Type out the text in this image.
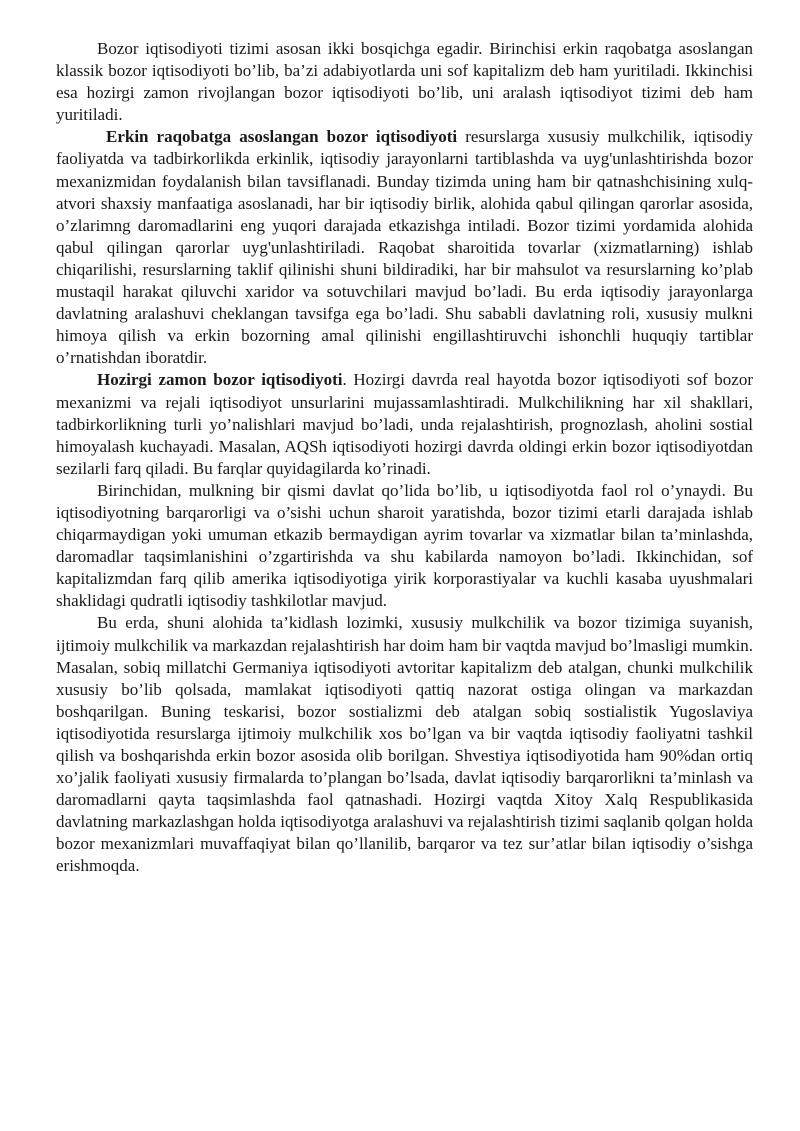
Bozor iqtisodiyoti tizimi asosan ikki bosqichga egadir. Birinchisi erkin raqobatga asoslangan klassik bozor iqtisodiyoti bo’lib, ba’zi adabiyotlarda uni sof kapitalizm deb ham yuritiladi. Ikkinchisi esa hozirgi zamon rivojlangan bozor iqtisodiyoti bo’lib, uni aralash iqtisodiyot tizimi deb ham yuritiladi.

Erkin raqobatga asoslangan bozor iqtisodiyoti resurslarga xususiy mulkchilik, iqtisodiy faoliyatda va tadbirkorlikda erkinlik, iqtisodiy jarayonlarni tartiblashda va uyg'unlashtirishda bozor mexanizmidan foydalanish bilan tavsiflanadi. Bunday tizimda uning ham bir qatnashchisining xulq-atvori shaxsiy manfaatiga asoslanadi, har bir iqtisodiy birlik, alohida qabul qilingan qarorlar asosida, o’zlarimng daromadlarini eng yuqori darajada etkazishga intiladi. Bozor tizimi yordamida alohida qabul qilingan qarorlar uyg'unlashtiriladi. Raqobat sharoitida tovarlar (xizmatlarning) ishlab chiqarilishi, resurslarning taklif qilinishi shuni bildiradiki, har bir mahsulot va resurslarning ko’plab mustaqil harakat qiluvchi xaridor va sotuvchilari mavjud bo’ladi. Bu erda iqtisodiy jarayonlarga davlatning aralashuvi cheklangan tavsifga ega bo’ladi. Shu sababli davlatning roli, xususiy mulkni himoya qilish va erkin bozorning amal qilinishi engillashtiruvchi ishonchli huquqiy tartiblar o’rnatishdan iboratdir.

Hozirgi zamon bozor iqtisodiyoti. Hozirgi davrda real hayotda bozor iqtisodiyoti sof bozor mexanizmi va rejali iqtisodiyot unsurlarini mujassamlashtiradi. Mulkchilikning har xil shakllari, tadbirkorlikning turli yo’nalishlari mavjud bo’ladi, unda rejalashtirish, prognozlash, aholini sostial himoyalash kuchayadi. Masalan, AQSh iqtisodiyoti hozirgi davrda oldingi erkin bozor iqtisodiyotdan sezilarli farq qiladi. Bu farqlar quyidagilarda ko’rinadi.

Birinchidan, mulkning bir qismi davlat qo’lida bo’lib, u iqtisodiyotda faol rol o’ynaydi. Bu iqtisodiyotning barqarorligi va o’sishi uchun sharoit yaratishda, bozor tizimi etarli darajada ishlab chiqarmaydigan yoki umuman etkazib bermaydigan ayrim tovarlar va xizmatlar bilan ta’minlashda, daromadlar taqsimlanishini o’zgartirishda va shu kabilarda namoyon bo’ladi. Ikkinchidan, sof kapitalizmdan farq qilib amerika iqtisodiyotiga yirik korporastiyalar va kuchli kasaba uyushmalari shaklidagi qudratli iqtisodiy tashkilotlar mavjud.

Bu erda, shuni alohida ta’kidlash lozimki, xususiy mulkchilik va bozor tizimiga suyanish, ijtimoiy mulkchilik va markazdan rejalashtirish har doim ham bir vaqtda mavjud bo’lmasligi mumkin. Masalan, sobiq millatchi Germaniya iqtisodiyoti avtoritar kapitalizm deb atalgan, chunki mulkchilik xususiy bo’lib qolsada, mamlakat iqtisodiyoti qattiq nazorat ostiga olingan va markazdan boshqarilgan. Buning teskarisi, bozor sostializmi deb atalgan sobiq sostialistik Yugoslaviya iqtisodiyotida resurslarga ijtimoiy mulkchilik xos bo’lgan va bir vaqtda iqtisodiy faoliyatni tashkil qilish va boshqarishda erkin bozor asosida olib borilgan. Shvestiya iqtisodiyotida ham 90%dan ortiq xo’jalik faoliyati xususiy firmalarda to’plangan bo’lsada, davlat iqtisodiy barqarorlikni ta’minlash va daromadlarni qayta taqsimlashda faol qatnashadi. Hozirgi vaqtda Xitoy Xalq Respublikasida davlatning markazlashgan holda iqtisodiyotga aralashuvi va rejalashtirish tizimi saqlanib qolgan holda bozor mexanizmlari muvaffaqiyat bilan qo’llanilib, barqaror va tez sur’atlar bilan iqtisodiy o’sishga erishmoqda.
